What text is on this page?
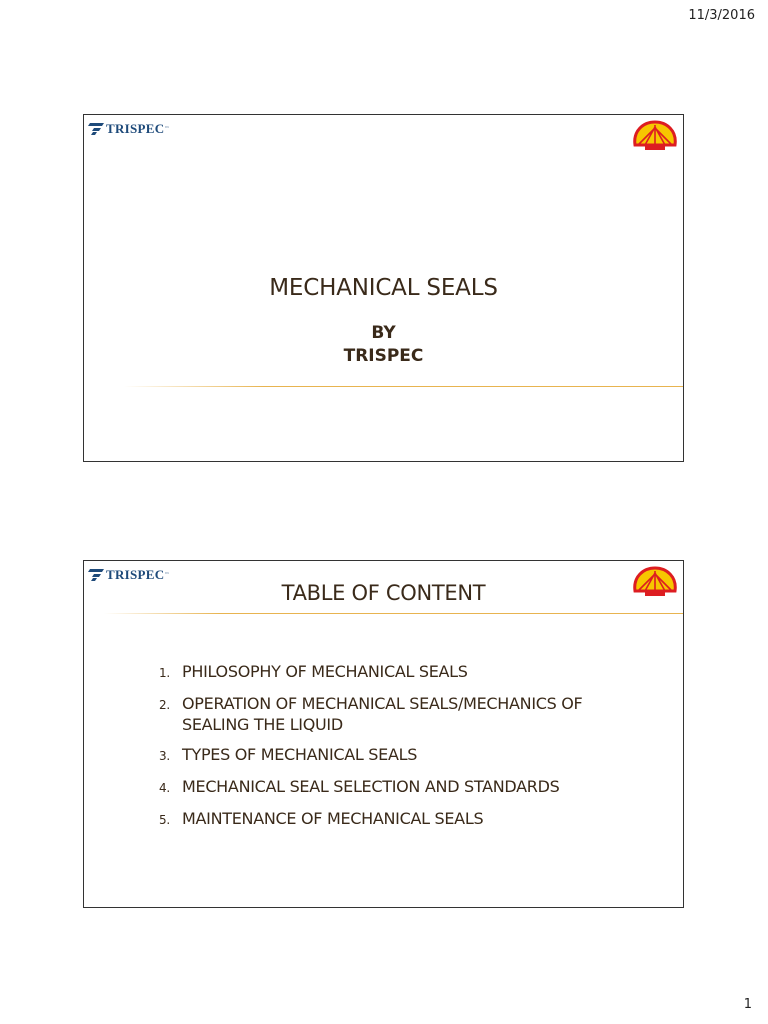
11/3/2016
TRISPEC ™
MECHANICAL SEALS
BY
TRISPEC
TRISPEC ™
TABLE OF CONTENT
1. PHILOSOPHY OF MECHANICAL SEALS
2. OPERATION OF MECHANICAL SEALS/MECHANICS OF SEALING THE LIQUID
3. TYPES OF MECHANICAL SEALS
4. MECHANICAL SEAL SELECTION AND STANDARDS
5. MAINTENANCE OF MECHANICAL SEALS
1
